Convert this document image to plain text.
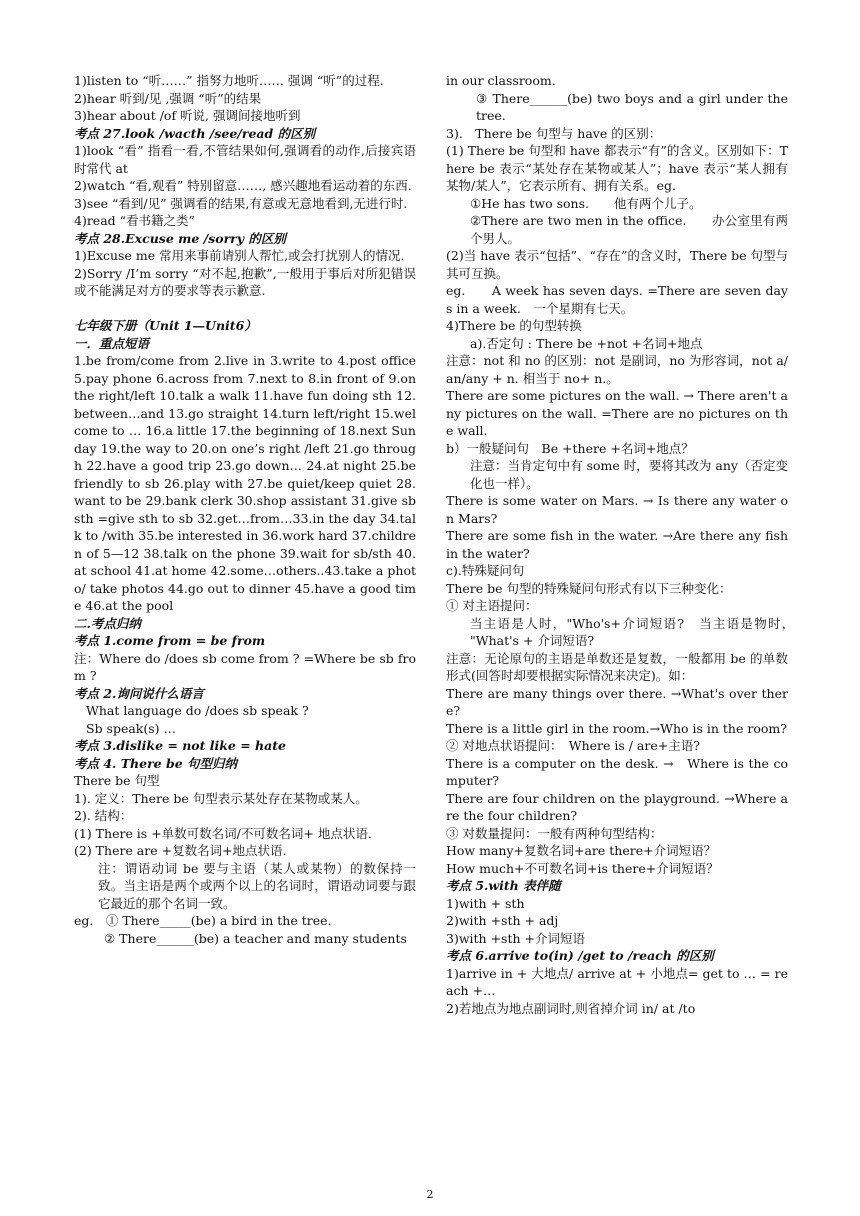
1)listen to “听……” 指努力地听…… 强调 “听”的过程.

2)hear 听到/见 ,强调 “听”的结果

3)hear about /of 听说, 强调间接地听到

考点 27.look /wacth /see/read 的区别

1)look “看” 指看一看,不管结果如何,强调看的动作,后接宾语时常代 at

2)watch “看,观看” 特别留意……, 感兴趣地看运动着的东西.

3)see “看到/见” 强调看的结果,有意或无意地看到,无进行时.

4)read “看书籍之类”

考点 28.Excuse me /sorry 的区别

1)Excuse me 常用来事前请别人帮忙,或会打扰别人的情况.

2)Sorry /I’m sorry “对不起,抱歉”,一般用于事后对所犯错误或不能满足对方的要求等表示歉意.

七年级下册（Unit 1—Unit6）

一．重点短语

1.be from/come from 2.live in 3.write to 4.post office 5.pay phone 6.across from 7.next to 8.in front of 9.on the right/left 10.talk a walk 11.have fun doing sth 12.between…and 13.go straight 14.turn left/right 15.welcome to … 16.a little 17.the beginning of 18.next Sunday 19.the way to 20.on one’s right /left 21.go through 22.have a good trip 23.go down… 24.at night 25.be friendly to sb 26.play with 27.be quiet/keep quiet 28.want to be 29.bank clerk 30.shop assistant 31.give sb sth =give sth to sb 32.get…from…33.in the day 34.talk to /with 35.be interested in 36.work hard 37.children of 5—12 38.talk on the phone 39.wait for sb/sth 40.at school 41.at home 42.some…others..43.take a photo/ take photos 44.go out to dinner 45.have a good time 46.at the pool

二.考点归纳

考点 1.come from = be from

注：Where do /does sb come from ? =Where be sb from ?

考点 2.询问说什么语言

What language do /does sb speak ?

Sb speak(s) …

考点 3.dislike = not like = hate

考点 4. There be 句型归纳

There be 句型

1). 定义：There be 句型表示某处存在某物或某人。

2). 结构：

(1) There is +单数可数名词/不可数名词+ 地点状语.

(2) There are +复数名词+地点状语.

注：谓语动词 be 要与主语（某人或某物）的数保持一致。当主语是两个或两个以上的名词时，谓语动词要与跟它最近的那个名词一致。

eg.　① There_____(be) a bird in the tree.

② There______(be) a teacher and many students

in our classroom.

③ There______(be) two boys and a girl under the tree.

3).　There be 句型与 have 的区别：

(1) There be 句型和 have 都表示“有”的含义。区别如下：There be 表示“某处存在某物或某人”；have 表示“某人拥有某物/某人”，它表示所有、拥有关系。eg.

①He has two sons.　　他有两个儿子。

②There are two men in the office.　　办公室里有两个男人。

(2)当 have 表示“包括”、“存在”的含义时，There be 句型与其可互换。

eg.　　A week has seven days. =There are seven days in a week.　一个星期有七天。

4)There be 的句型转换

a).否定句 : There be +not +名词+地点

注意：not 和 no 的区别：not 是副词，no 为形容词，not a/an/any + n. 相当于 no+ n.。

There are some pictures on the wall. → There aren't any pictures on the wall. =There are no pictures on the wall.

b）一般疑问句　Be +there +名词+地点？

注意：当肯定句中有 some 时，要将其改为 any（否定变化也一样）。

There is some water on Mars. → Is there any water on Mars?

There are some fish in the water. →Are there any fish in the water?

c).特殊疑问句

There be 句型的特殊疑问句形式有以下三种变化：

① 对主语提问：

当主语是人时，"Who's+介词短语?　当主语是物时，　"What's + 介词短语?

注意：无论原句的主语是单数还是复数，一般都用 be 的单数形式(回答时却要根据实际情况来决定)。如：

There are many things over there. →What's over there?

There is a little girl in the room.→Who is in the room?

② 对地点状语提问：　Where is / are+主语?

There is a computer on the desk. →　Where is the computer?

There are four children on the playground. →Where are the four children?

③ 对数量提问：一般有两种句型结构：

How many+复数名词+are there+介词短语？

How much+不可数名词+is there+介词短语？

考点 5.with 表伴随

1)with + sth

2)with +sth + adj

3)with +sth +介词短语

考点 6.arrive to(in) /get to /reach 的区别

1)arrive in + 大地点/ arrive at + 小地点= get to … = reach +…

2)若地点为地点副词时,则省掉介词 in/ at /to

2
